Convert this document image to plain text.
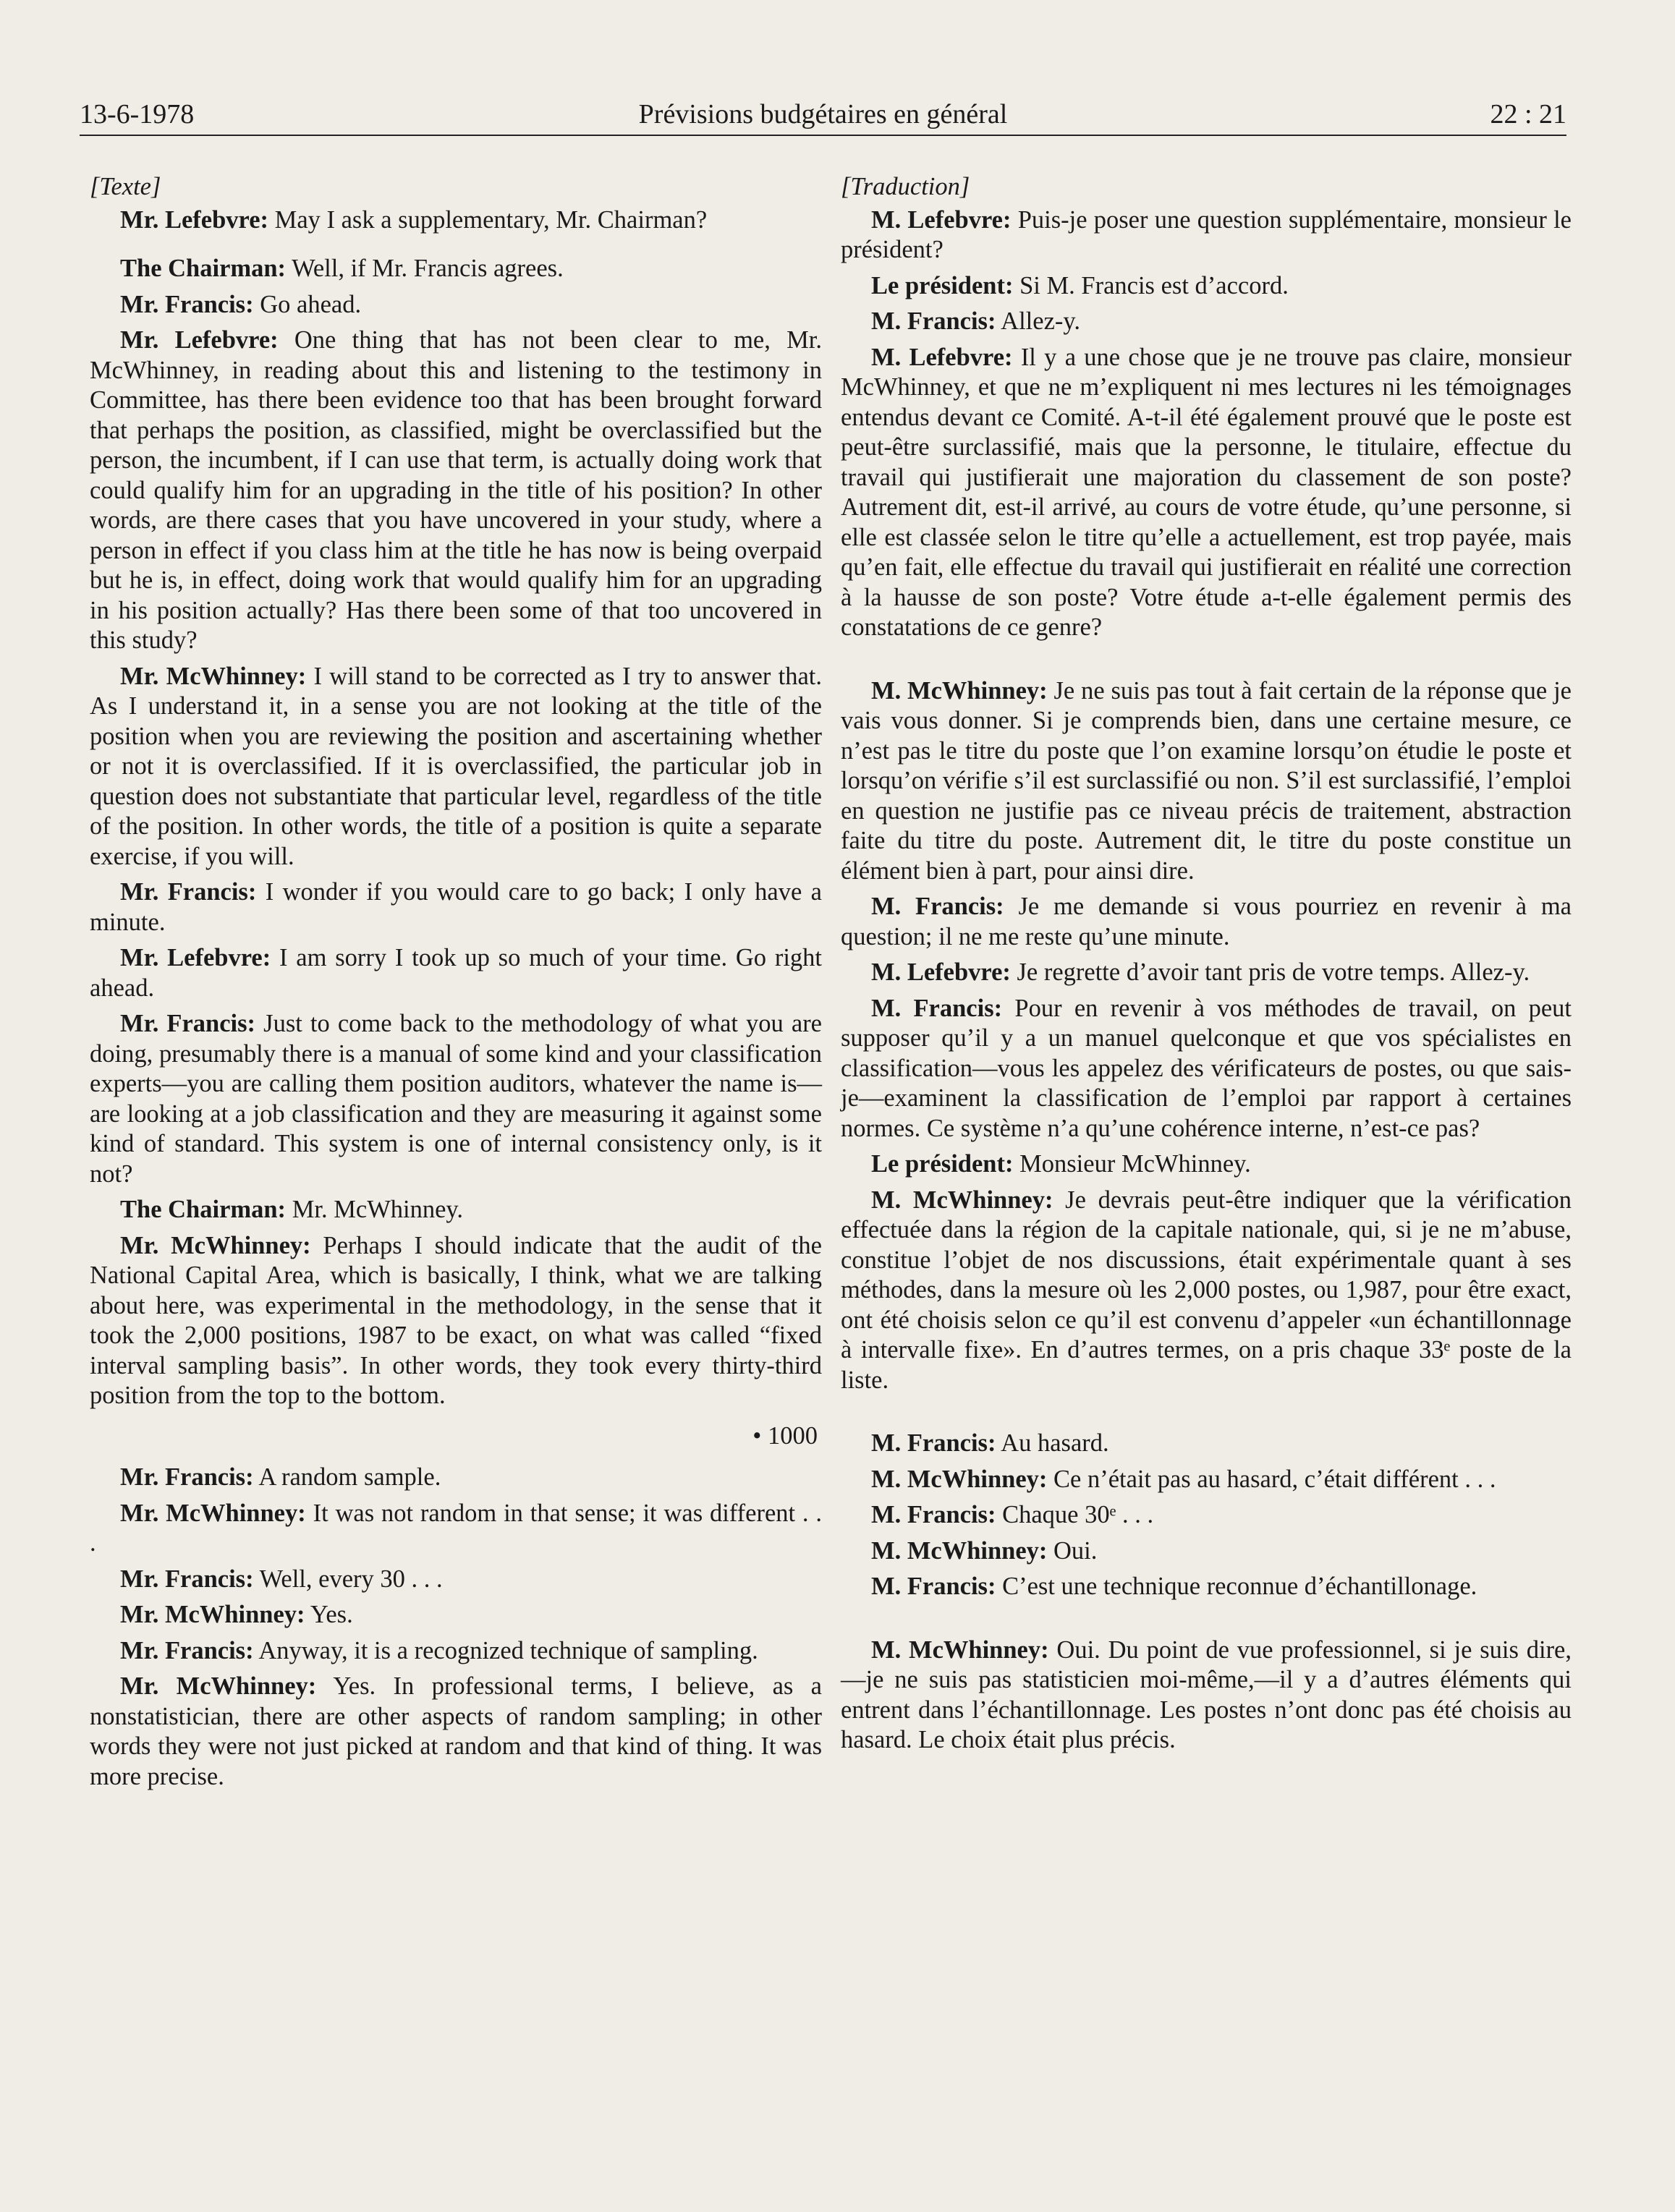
13-6-1978	Prévisions budgétaires en général	22 : 21

[Texte]

Mr. Lefebvre: May I ask a supplementary, Mr. Chairman?

The Chairman: Well, if Mr. Francis agrees.

Mr. Francis: Go ahead.

Mr. Lefebvre: One thing that has not been clear to me, Mr. McWhinney, in reading about this and listening to the testimony in Committee, has there been evidence too that has been brought forward that perhaps the position, as classified, might be overclassified but the person, the incumbent, if I can use that term, is actually doing work that could qualify him for an upgrading in the title of his position? In other words, are there cases that you have uncovered in your study, where a person in effect if you class him at the title he has now is being overpaid but he is, in effect, doing work that would qualify him for an upgrading in his position actually? Has there been some of that too uncovered in this study?

Mr. McWhinney: I will stand to be corrected as I try to answer that. As I understand it, in a sense you are not looking at the title of the position when you are reviewing the position and ascertaining whether or not it is overclassified. If it is overclassified, the particular job in question does not substantiate that particular level, regardless of the title of the position. In other words, the title of a position is quite a separate exercise, if you will.

Mr. Francis: I wonder if you would care to go back; I only have a minute.

Mr. Lefebvre: I am sorry I took up so much of your time. Go right ahead.

Mr. Francis: Just to come back to the methodology of what you are doing, presumably there is a manual of some kind and your classification experts—you are calling them position auditors, whatever the name is— are looking at a job classification and they are measuring it against some kind of standard. This system is one of internal consistency only, is it not?

The Chairman: Mr. McWhinney.

Mr. McWhinney: Perhaps I should indicate that the audit of the National Capital Area, which is basically, I think, what we are talking about here, was experimental in the methodology, in the sense that it took the 2,000 positions, 1987 to be exact, on what was called “fixed interval sampling basis”. In other words, they took every thirty-third position from the top to the bottom.

• 1000

Mr. Francis: A random sample.

Mr. McWhinney: It was not random in that sense; it was different . . .

Mr. Francis: Well, every 30 . . .

Mr. McWhinney: Yes.

Mr. Francis: Anyway, it is a recognized technique of sampling.

Mr. McWhinney: Yes. In professional terms, I believe, as a nonstatistician, there are other aspects of random sampling; in other words they were not just picked at random and that kind of thing. It was more precise.

[Traduction]

M. Lefebvre: Puis-je poser une question supplémentaire, monsieur le président?

Le président: Si M. Francis est d’accord.

M. Francis: Allez-y.

M. Lefebvre: Il y a une chose que je ne trouve pas claire, monsieur McWhinney, et que ne m’expliquent ni mes lectures ni les témoignages entendus devant ce Comité. A-t-il été également prouvé que le poste est peut-être surclassifié, mais que la personne, le titulaire, effectue du travail qui justifierait une majoration du classement de son poste? Autrement dit, est-il arrivé, au cours de votre étude, qu’une personne, si elle est classée selon le titre qu’elle a actuellement, est trop payée, mais qu’en fait, elle effectue du travail qui justifierait en réalité une correction à la hausse de son poste? Votre étude a-t-elle également permis des constatations de ce genre?

M. McWhinney: Je ne suis pas tout à fait certain de la réponse que je vais vous donner. Si je comprends bien, dans une certaine mesure, ce n’est pas le titre du poste que l’on examine lorsqu’on étudie le poste et lorsqu’on vérifie s’il est surclassifié ou non. S’il est surclassifié, l’emploi en question ne justifie pas ce niveau précis de traitement, abstraction faite du titre du poste. Autrement dit, le titre du poste constitue un élément bien à part, pour ainsi dire.

M. Francis: Je me demande si vous pourriez en revenir à ma question; il ne me reste qu’une minute.

M. Lefebvre: Je regrette d’avoir tant pris de votre temps. Allez-y.

M. Francis: Pour en revenir à vos méthodes de travail, on peut supposer qu’il y a un manuel quelconque et que vos spécialistes en classification—vous les appelez des vérificateurs de postes, ou que sais-je—examinent la classification de l’emploi par rapport à certaines normes. Ce système n’a qu’une cohérence interne, n’est-ce pas?

Le président: Monsieur McWhinney.

M. McWhinney: Je devrais peut-être indiquer que la vérification effectuée dans la région de la capitale nationale, qui, si je ne m’abuse, constitue l’objet de nos discussions, était expérimentale quant à ses méthodes, dans la mesure où les 2,000 postes, ou 1,987, pour être exact, ont été choisis selon ce qu’il est convenu d’appeler «un échantillonnage à intervalle fixe». En d’autres termes, on a pris chaque 33ᵉ poste de la liste.

M. Francis: Au hasard.

M. McWhinney: Ce n’était pas au hasard, c’était différent . . .

M. Francis: Chaque 30ᵉ . . .

M. McWhinney: Oui.

M. Francis: C’est une technique reconnue d’échantillonage.

M. McWhinney: Oui. Du point de vue professionnel, si je suis dire,—je ne suis pas statisticien moi-même,—il y a d’autres éléments qui entrent dans l’échantillonnage. Les postes n’ont donc pas été choisis au hasard. Le choix était plus précis.
